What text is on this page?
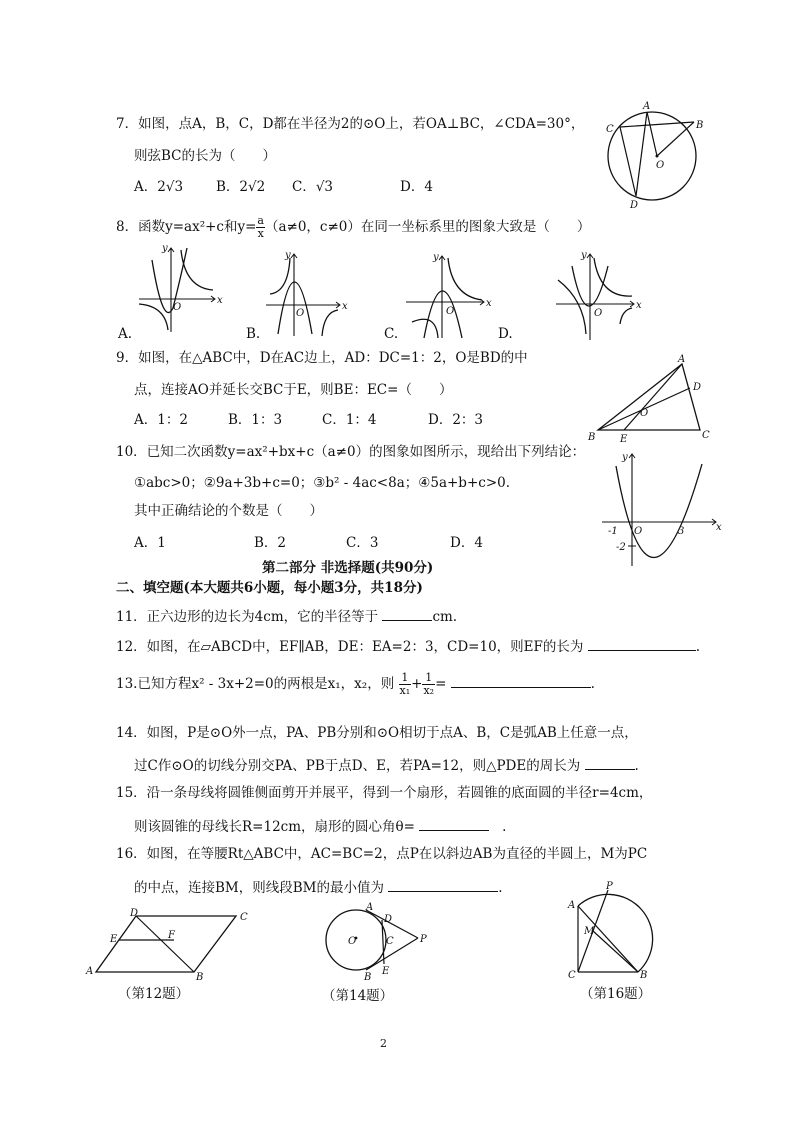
7．如图，点A，B，C，D都在半径为2的⊙O上，若OA⊥BC，∠CDA=30°，
则弦BC的长为（　　）
A．2√3 B．2√2 C．√3	D．4
A
B
C
D
O
8．函数y=ax²+c和$y= \frac{a}{x} (a\ne 0$，c≠0）在同一坐标系里的图象大致是（　　）
y
x
O
A.
y
x
O
B.
y
x
O
C.
y
x
O
D.
9．如图，在△ABC中，D在AC边上，AD：DC=1：2，O是BD的中
点，连接AO并延长交BC于E，则BE：EC=（　　）
A．1：2	B．1：3	C．1：4	D．2：3
A
B	C
D
O
E
10．已知二次函数y=ax²+bx+c（a≠0）的图象如图所示，现给出下列结论：
①abc>0；②9a+3b+c=0；③b² - 4ac<8a；④5a+b+c>0.
其中正确结论的个数是（　　）
A．1	B．2	C．3	D．4
y
x
O
-1	3
-2
第二部分 非选择题(共90分)
二、填空题(本大题共6小题，每小题3分，共18分)
11．正六边形的边长为4cm，它的半径等于	cm.
12．如图，在▱ABCD中，EF∥AB，DE：EA=2：3，CD=10，则EF的长为	.
13.已知方程x² - 3x+2=0的两根是x₁，x₂，则 $\frac{1}{\text{x₁}} + \frac{1}{\text{x₂}}$ =	.
14．如图，P是⊙O外一点，PA、PB分别和⊙O相切于点A、B，C是弧AB上任意一点，
过C作⊙O的切线分别交PA、PB于点D、E，若PA=12，则△PDE的周长为	.
15．沿一条母线将圆锥侧面剪开并展平，得到一个扇形，若圆锥的底面圆的半径r=4cm，
则该圆锥的母线长R=12cm，扇形的圆心角θ=	.
16．如图，在等腰Rt△ABC中，AC=BC=2，点P在以斜边AB为直径的半圆上，M为PC
的中点，连接BM，则线段BM的最小值为	.
D	C
E	F
A
B
（第12题）
A
D
C	P
O
B
E
（第14题）
P
A
M
C	B
（第16题）
2
